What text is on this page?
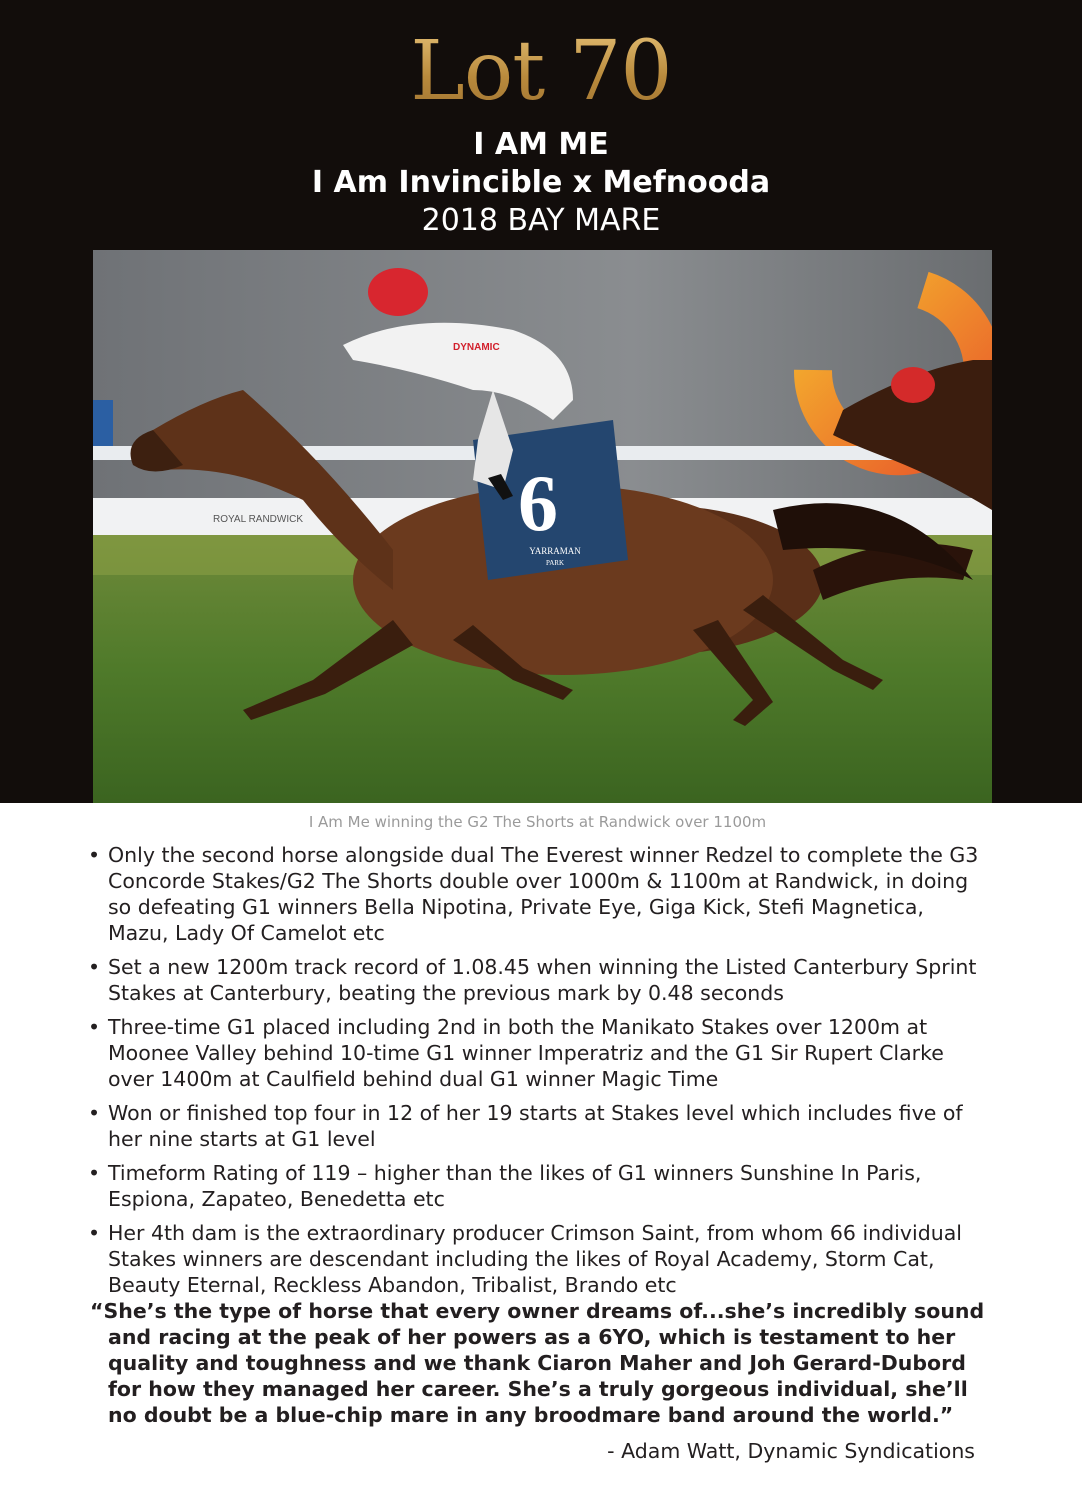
Lot 70
I AM ME
I Am Invincible x Mefnooda
2018 BAY MARE
ROYAL RANDWICK	6
YARRAMAN
PARK
DYNAMIC
I Am Me winning the G2 The Shorts at Randwick over 1100m
• Only the second horse alongside dual The Everest winner Redzel to complete the G3 Concorde Stakes/G2 The Shorts double over 1000m & 1100m at Randwick, in doing so defeating G1 winners Bella Nipotina, Private Eye, Giga Kick, Stefi Magnetica, Mazu, Lady Of Camelot etc
• Set a new 1200m track record of 1.08.45 when winning the Listed Canterbury Sprint Stakes at Canterbury, beating the previous mark by 0.48 seconds
• Three-time G1 placed including 2nd in both the Manikato Stakes over 1200m at Moonee Valley behind 10-time G1 winner Imperatriz and the G1 Sir Rupert Clarke over 1400m at Caulfield behind dual G1 winner Magic Time
• Won or finished top four in 12 of her 19 starts at Stakes level which includes five of her nine starts at G1 level
• Timeform Rating of 119 – higher than the likes of G1 winners Sunshine In Paris, Espiona, Zapateo, Benedetta etc
• Her 4th dam is the extraordinary producer Crimson Saint, from whom 66 individual Stakes winners are descendant including the likes of Royal Academy, Storm Cat, Beauty Eternal, Reckless Abandon, Tribalist, Brando etc
“She’s the type of horse that every owner dreams of...she’s incredibly sound and racing at the peak of her powers as a 6YO, which is testament to her quality and toughness and we thank Ciaron Maher and Joh Gerard-Dubord for how they managed her career. She’s a truly gorgeous individual, she’ll no doubt be a blue-chip mare in any broodmare band around the world.”
- Adam Watt, Dynamic Syndications
